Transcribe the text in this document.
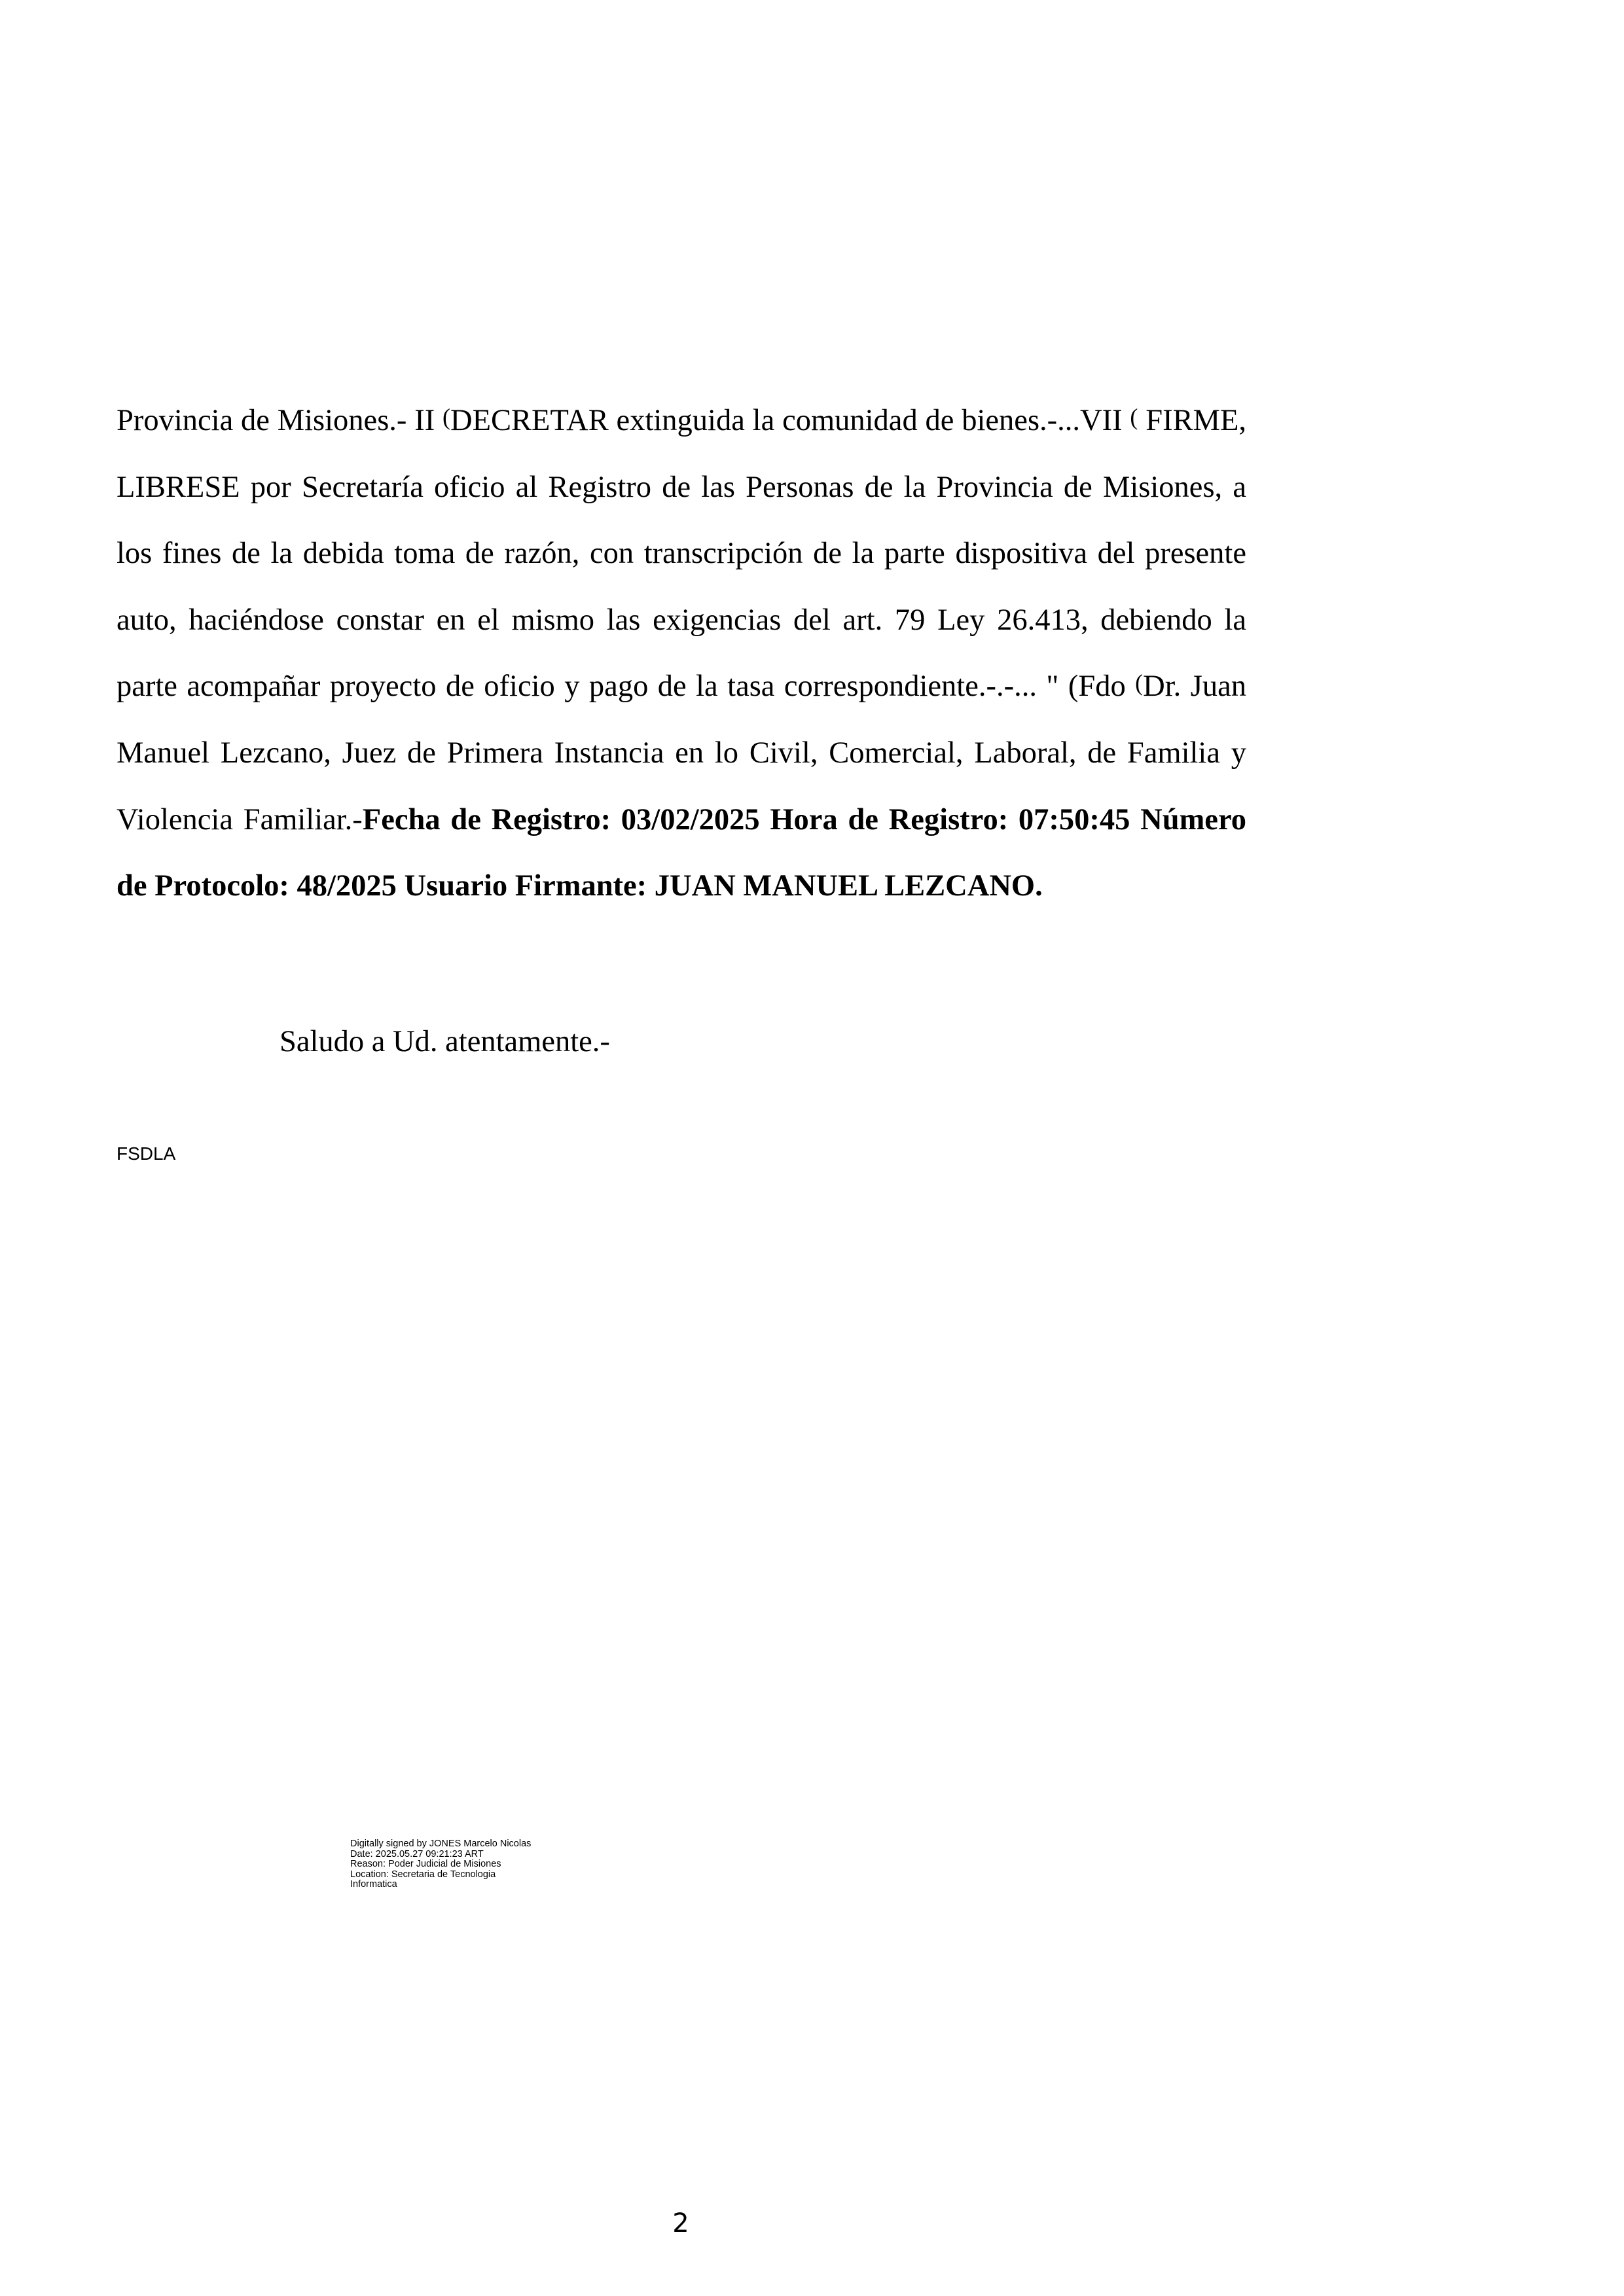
Provincia de Misiones.- II (DECRETAR extinguida la comunidad de bienes.-...VII ( FIRME, LIBRESE por Secretaría oficio al Registro de las Personas de la Provincia de Misiones, a los fines de la debida toma de razón, con transcripción de la parte dispositiva del presente auto, haciéndose constar en el mismo las exigencias del art. 79 Ley 26.413, debiendo la parte acompañar proyecto de oficio y pago de la tasa correspondiente.-.-... " (Fdo (Dr. Juan Manuel Lezcano, Juez de Primera Instancia en lo Civil, Comercial, Laboral, de Familia y Violencia Familiar.-Fecha de Registro: 03/02/2025 Hora de Registro: 07:50:45 Número de Protocolo: 48/2025 Usuario Firmante: JUAN MANUEL LEZCANO.

Saludo a Ud. atentamente.-

FSDLA

Digitally signed by JONES Marcelo Nicolas
Date: 2025.05.27 09:21:23 ART
Reason: Poder Judicial de Misiones
Location: Secretaria de Tecnologia
Informatica

2
